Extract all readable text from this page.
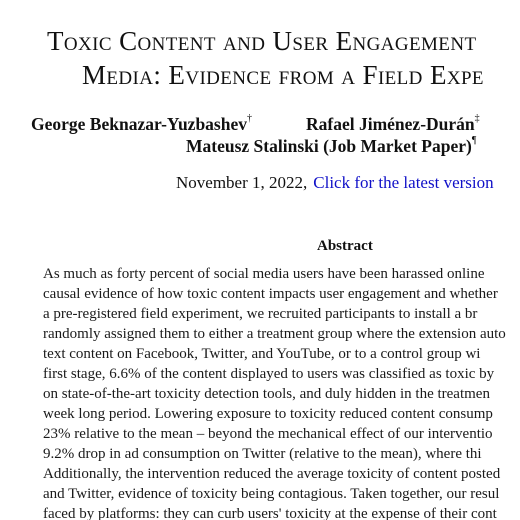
Toxic Content and User Engagement
Media: Evidence from a Field Expe
George Beknazar-Yuzbashev†	Rafael Jiménez-Durán‡
Mateusz Stalinski (Job Market Paper)¶
November 1, 2022, Click for the latest version
Abstract
As much as forty percent of social media users have been harassed online
causal evidence of how toxic content impacts user engagement and whether
a pre-registered field experiment, we recruited participants to install a br
randomly assigned them to either a treatment group where the extension auto
text content on Facebook, Twitter, and YouTube, or to a control group wi
first stage, 6.6% of the content displayed to users was classified as toxic by
on state-of-the-art toxicity detection tools, and duly hidden in the treatmen
week long period. Lowering exposure to toxicity reduced content consump
23% relative to the mean – beyond the mechanical effect of our interventio
9.2% drop in ad consumption on Twitter (relative to the mean), where thi
Additionally, the intervention reduced the average toxicity of content posted
and Twitter, evidence of toxicity being contagious. Taken together, our resul
faced by platforms: they can curb users' toxicity at the expense of their cont
